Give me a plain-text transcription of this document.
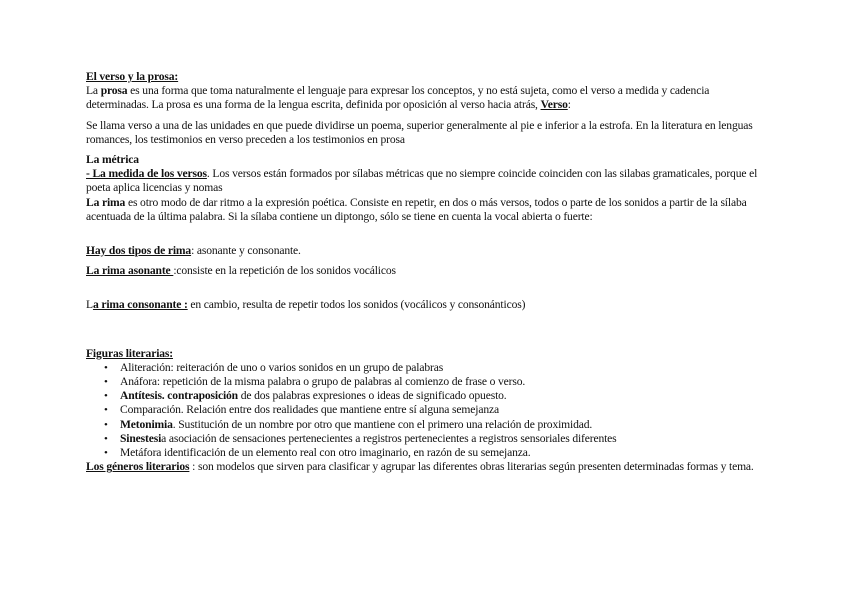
El verso y la prosa:

La prosa es una forma que toma naturalmente el lenguaje para expresar los conceptos, y no está sujeta, como el verso a medida y cadencia determinadas. La prosa es una forma de la lengua escrita, definida por oposición al verso hacia atrás, Verso:

Se llama verso a una de las unidades en que puede dividirse un poema, superior generalmente al pie e inferior a la estrofa. En la literatura en lenguas romances, los testimonios en verso preceden a los testimonios en prosa

La métrica

- La medida de los versos. Los versos están formados por sílabas métricas que no siempre coincide coinciden con las silabas gramaticales, porque el poeta aplica licencias y nomas

La rima es otro modo de dar ritmo a la expresión poética. Consiste en repetir, en dos o más versos, todos o parte de los sonidos a partir de la sílaba acentuada de la última palabra. Si la sílaba contiene un diptongo, sólo se tiene en cuenta la vocal abierta o fuerte:

Hay dos tipos de rima: asonante y consonante.

La rima asonante :consiste en la repetición de los sonidos vocálicos

La rima consonante : en cambio, resulta de repetir todos los sonidos (vocálicos y consonánticos)

Figuras literarias:

• Aliteración: reiteración de uno o varios sonidos en un grupo de palabras
• Anáfora: repetición de la misma palabra o grupo de palabras al comienzo de frase o verso.
• Antítesis. contraposición de dos palabras expresiones o ideas de significado opuesto.
• Comparación. Relación entre dos realidades que mantiene entre sí alguna semejanza
• Metonimia. Sustitución de un nombre por otro que mantiene con el primero una relación de proximidad.
• Sinestesia asociación de sensaciones pertenecientes a registros pertenecientes a registros sensoriales diferentes
• Metáfora identificación de un elemento real con otro imaginario, en razón de su semejanza.

Los géneros literarios : son modelos que sirven para clasificar y agrupar las diferentes obras literarias según presenten determinadas formas y tema.
